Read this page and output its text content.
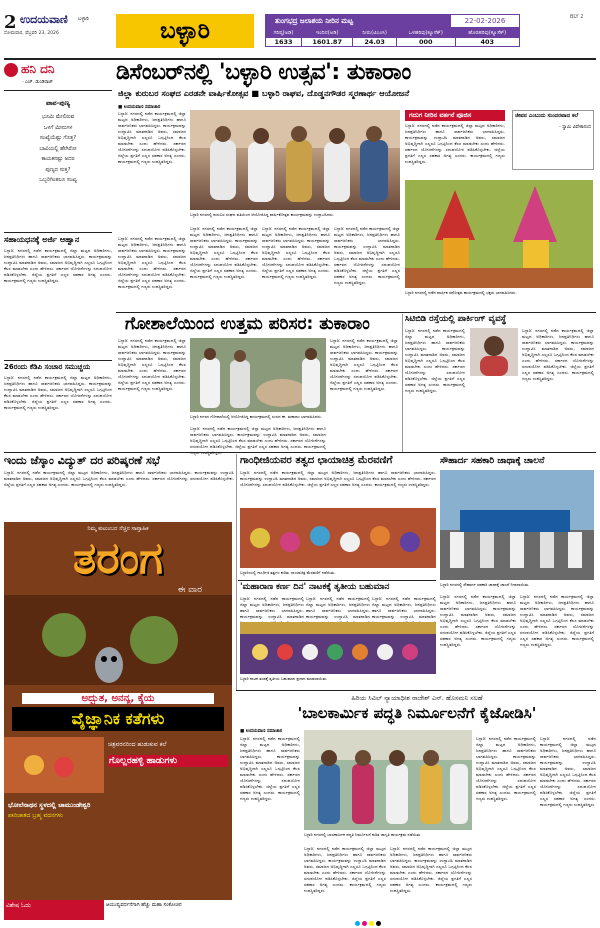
2 ಉದಯವಾಣಿ ಬಳ್ಳಾರಿ
ಸೋಮವಾರ, ಫೆಬ್ರವರಿ 23, 2026	ಬಳ್ಳಾರಿ	ತುಂಗಭದ್ರ ಜಲಾಶಯ ನೀರಿನ ಮಟ್ಟ	22-02-2026
ಗರಿಷ್ಠ(ಅಡಿ)	ಇಂದಿನ(ಅಡಿ)	ನೀರು(ಟಿಎಂಸಿ)	ಒಳಹರಿವು(ಕ್ಯೂಸೆಕ್)	ಹೊರಹರಿವು(ಕ್ಯೂಸೆಕ್)
1633	1601.87	24.03	000	403
BLY 2
ಹನಿ ದನಿ
- ಎಚ್. ಡುಂಡಿರಾಜ್
ಪಾಪ-ಪುಣ್ಯ
ಭೂಮಿ ಮೇಲಿರುವ
ಒಳಗೆ ಮೀನುಗಳ
ಸಂಖ್ಯೆಯೆಷ್ಟು ಗೊತ್ತ?
ಬಾವಿಯಲ್ಲಿ ಹೇಗಿರೋ
ಕಾಯಕನಷ್ಟು ಅದರ
ಪುಣ್ಯದ ಸುತ್ತ?
ಒಬ್ಬರಿಗಿಂತಲೂ ಸಂಖ್ಯ
ಸಹಾಯಧನಕ್ಕೆ ಅರ್ಜಿ ಆಹ್ವಾನ
ಬಳ್ಳಾರಿ: ನಗರದಲ್ಲಿ ನಡೆದ ಕಾರ್ಯಕ್ರಮದಲ್ಲಿ ಜಿಲ್ಲಾ ಮಟ್ಟದ ಅಧಿಕಾರಿಗಳು, ಜನಪ್ರತಿನಿಧಿಗಳು ಹಾಗೂ ಸಾರ್ವಜನಿಕರು ಭಾಗವಹಿಸಿದ್ದರು. ಕಾರ್ಯಕ್ರಮವನ್ನು ಉದ್ಘಾಟಿಸಿ ಮಾತನಾಡಿದ ಅವರು, ಸಮಾಜದ ಅಭಿವೃದ್ಧಿಗಾಗಿ ಎಲ್ಲರೂ ಒಗ್ಗಟ್ಟಿನಿಂದ ಕೆಲಸ ಮಾಡಬೇಕು ಎಂದು ಹೇಳಿದರು. ಸರ್ಕಾರದ ಯೋಜನೆಗಳನ್ನು ಸದುಪಯೋಗ ಪಡಿಸಿಕೊಳ್ಳಬೇಕು. ಜಿಲ್ಲೆಯ ಪ್ರಗತಿಗೆ ಎಲ್ಲರ ಸಹಕಾರ ಅಗತ್ಯ ಎಂದರು. ಕಾರ್ಯಕ್ರಮದಲ್ಲಿ ಗಣ್ಯರು ಉಪಸ್ಥಿತರಿದ್ದರು.
26ರಂದು ಕೆಡಿಪಿ ಸಂಚಾರ ಸಮುಚ್ಚಯ
ಬಳ್ಳಾರಿ: ನಗರದಲ್ಲಿ ನಡೆದ ಕಾರ್ಯಕ್ರಮದಲ್ಲಿ ಜಿಲ್ಲಾ ಮಟ್ಟದ ಅಧಿಕಾರಿಗಳು, ಜನಪ್ರತಿನಿಧಿಗಳು ಹಾಗೂ ಸಾರ್ವಜನಿಕರು ಭಾಗವಹಿಸಿದ್ದರು. ಕಾರ್ಯಕ್ರಮವನ್ನು ಉದ್ಘಾಟಿಸಿ ಮಾತನಾಡಿದ ಅವರು, ಸಮಾಜದ ಅಭಿವೃದ್ಧಿಗಾಗಿ ಎಲ್ಲರೂ ಒಗ್ಗಟ್ಟಿನಿಂದ ಕೆಲಸ ಮಾಡಬೇಕು ಎಂದು ಹೇಳಿದರು. ಸರ್ಕಾರದ ಯೋಜನೆಗಳನ್ನು ಸದುಪಯೋಗ ಪಡಿಸಿಕೊಳ್ಳಬೇಕು. ಜಿಲ್ಲೆಯ ಪ್ರಗತಿಗೆ ಎಲ್ಲರ ಸಹಕಾರ ಅಗತ್ಯ ಎಂದರು. ಕಾರ್ಯಕ್ರಮದಲ್ಲಿ ಗಣ್ಯರು ಉಪಸ್ಥಿತರಿದ್ದರು.
ಡಿಸೆಂಬರ್‌ನಲ್ಲಿ 'ಬಳ್ಳಾರಿ ಉತ್ಸವ': ತುಕಾರಾಂ
ಜಿಲ್ಲಾ ಕುರುಬರ ಸಂಘದ ಎರಡನೇ ವಾರ್ಷಿಕೋತ್ಸವ ■ ಬಳ್ಳಾರಿ ರಾಘವ, ದೊಡ್ಡನಗೌಡರ ಸ್ಮರಣಾರ್ಥ ಆಯೋಜನೆ
■ ಉದಯವಾಣಿ ಸಮಾಚಾರ
ಬಳ್ಳಾರಿ: ನಗರದಲ್ಲಿ ನಡೆದ ಕಾರ್ಯಕ್ರಮದಲ್ಲಿ ಜಿಲ್ಲಾ ಮಟ್ಟದ ಅಧಿಕಾರಿಗಳು, ಜನಪ್ರತಿನಿಧಿಗಳು ಹಾಗೂ ಸಾರ್ವಜನಿಕರು ಭಾಗವಹಿಸಿದ್ದರು. ಕಾರ್ಯಕ್ರಮವನ್ನು ಉದ್ಘಾಟಿಸಿ ಮಾತನಾಡಿದ ಅವರು, ಸಮಾಜದ ಅಭಿವೃದ್ಧಿಗಾಗಿ ಎಲ್ಲರೂ ಒಗ್ಗಟ್ಟಿನಿಂದ ಕೆಲಸ ಮಾಡಬೇಕು ಎಂದು ಹೇಳಿದರು. ಸರ್ಕಾರದ ಯೋಜನೆಗಳನ್ನು ಸದುಪಯೋಗ ಪಡಿಸಿಕೊಳ್ಳಬೇಕು. ಜಿಲ್ಲೆಯ ಪ್ರಗತಿಗೆ ಎಲ್ಲರ ಸಹಕಾರ ಅಗತ್ಯ ಎಂದರು. ಕಾರ್ಯಕ್ರಮದಲ್ಲಿ ಗಣ್ಯರು ಉಪಸ್ಥಿತರಿದ್ದರು.
ಬಳ್ಳಾರಿ ನಗರದಲ್ಲಿ ಕುರುಬರ ಸಂಘದ ವತಿಯಿಂದ ಆಯೋಜಿಸಿದ್ದ ವಾರ್ಷಿಕೋತ್ಸವ ಕಾರ್ಯಕ್ರಮವನ್ನು ಉದ್ಘಾಟಿಸಿದರು.
ಬಳ್ಳಾರಿ: ನಗರದಲ್ಲಿ ನಡೆದ ಕಾರ್ಯಕ್ರಮದಲ್ಲಿ ಜಿಲ್ಲಾ ಮಟ್ಟದ ಅಧಿಕಾರಿಗಳು, ಜನಪ್ರತಿನಿಧಿಗಳು ಹಾಗೂ ಸಾರ್ವಜನಿಕರು ಭಾಗವಹಿಸಿದ್ದರು. ಕಾರ್ಯಕ್ರಮವನ್ನು ಉದ್ಘಾಟಿಸಿ ಮಾತನಾಡಿದ ಅವರು, ಸಮಾಜದ ಅಭಿವೃದ್ಧಿಗಾಗಿ ಎಲ್ಲರೂ ಒಗ್ಗಟ್ಟಿನಿಂದ ಕೆಲಸ ಮಾಡಬೇಕು ಎಂದು ಹೇಳಿದರು. ಸರ್ಕಾರದ ಯೋಜನೆಗಳನ್ನು ಸದುಪಯೋಗ ಪಡಿಸಿಕೊಳ್ಳಬೇಕು. ಜಿಲ್ಲೆಯ ಪ್ರಗತಿಗೆ ಎಲ್ಲರ ಸಹಕಾರ ಅಗತ್ಯ ಎಂದರು. ಕಾರ್ಯಕ್ರಮದಲ್ಲಿ ಗಣ್ಯರು ಉಪಸ್ಥಿತರಿದ್ದರು.
ಬಳ್ಳಾರಿ: ನಗರದಲ್ಲಿ ನಡೆದ ಕಾರ್ಯಕ್ರಮದಲ್ಲಿ ಜಿಲ್ಲಾ ಮಟ್ಟದ ಅಧಿಕಾರಿಗಳು, ಜನಪ್ರತಿನಿಧಿಗಳು ಹಾಗೂ ಸಾರ್ವಜನಿಕರು ಭಾಗವಹಿಸಿದ್ದರು. ಕಾರ್ಯಕ್ರಮವನ್ನು ಉದ್ಘಾಟಿಸಿ ಮಾತನಾಡಿದ ಅವರು, ಸಮಾಜದ ಅಭಿವೃದ್ಧಿಗಾಗಿ ಎಲ್ಲರೂ ಒಗ್ಗಟ್ಟಿನಿಂದ ಕೆಲಸ ಮಾಡಬೇಕು ಎಂದು ಹೇಳಿದರು. ಸರ್ಕಾರದ ಯೋಜನೆಗಳನ್ನು ಸದುಪಯೋಗ ಪಡಿಸಿಕೊಳ್ಳಬೇಕು. ಜಿಲ್ಲೆಯ ಪ್ರಗತಿಗೆ ಎಲ್ಲರ ಸಹಕಾರ ಅಗತ್ಯ ಎಂದರು. ಕಾರ್ಯಕ್ರಮದಲ್ಲಿ ಗಣ್ಯರು ಉಪಸ್ಥಿತರಿದ್ದರು.
ಬಳ್ಳಾರಿ: ನಗರದಲ್ಲಿ ನಡೆದ ಕಾರ್ಯಕ್ರಮದಲ್ಲಿ ಜಿಲ್ಲಾ ಮಟ್ಟದ ಅಧಿಕಾರಿಗಳು, ಜನಪ್ರತಿನಿಧಿಗಳು ಹಾಗೂ ಸಾರ್ವಜನಿಕರು ಭಾಗವಹಿಸಿದ್ದರು. ಕಾರ್ಯಕ್ರಮವನ್ನು ಉದ್ಘಾಟಿಸಿ ಮಾತನಾಡಿದ ಅವರು, ಸಮಾಜದ ಅಭಿವೃದ್ಧಿಗಾಗಿ ಎಲ್ಲರೂ ಒಗ್ಗಟ್ಟಿನಿಂದ ಕೆಲಸ ಮಾಡಬೇಕು ಎಂದು ಹೇಳಿದರು. ಸರ್ಕಾರದ ಯೋಜನೆಗಳನ್ನು ಸದುಪಯೋಗ ಪಡಿಸಿಕೊಳ್ಳಬೇಕು. ಜಿಲ್ಲೆಯ ಪ್ರಗತಿಗೆ ಎಲ್ಲರ ಸಹಕಾರ ಅಗತ್ಯ ಎಂದರು. ಕಾರ್ಯಕ್ರಮದಲ್ಲಿ ಗಣ್ಯರು ಉಪಸ್ಥಿತರಿದ್ದರು.
ಬಳ್ಳಾರಿ: ನಗರದಲ್ಲಿ ನಡೆದ ಕಾರ್ಯಕ್ರಮದಲ್ಲಿ ಜಿಲ್ಲಾ ಮಟ್ಟದ ಅಧಿಕಾರಿಗಳು, ಜನಪ್ರತಿನಿಧಿಗಳು ಹಾಗೂ ಸಾರ್ವಜನಿಕರು ಭಾಗವಹಿಸಿದ್ದರು. ಕಾರ್ಯಕ್ರಮವನ್ನು ಉದ್ಘಾಟಿಸಿ ಮಾತನಾಡಿದ ಅವರು, ಸಮಾಜದ ಅಭಿವೃದ್ಧಿಗಾಗಿ ಎಲ್ಲರೂ ಒಗ್ಗಟ್ಟಿನಿಂದ ಕೆಲಸ ಮಾಡಬೇಕು ಎಂದು ಹೇಳಿದರು. ಸರ್ಕಾರದ ಯೋಜನೆಗಳನ್ನು ಸದುಪಯೋಗ ಪಡಿಸಿಕೊಳ್ಳಬೇಕು. ಜಿಲ್ಲೆಯ ಪ್ರಗತಿಗೆ ಎಲ್ಲರ ಸಹಕಾರ ಅಗತ್ಯ ಎಂದರು. ಕಾರ್ಯಕ್ರಮದಲ್ಲಿ ಗಣ್ಯರು ಉಪಸ್ಥಿತರಿದ್ದರು.
ಗದುಗ ನೀರಿನ ವರ್ತನೆ ಪೂಜಿಸ
ಬಳ್ಳಾರಿ: ನಗರದಲ್ಲಿ ನಡೆದ ಕಾರ್ಯಕ್ರಮದಲ್ಲಿ ಜಿಲ್ಲಾ ಮಟ್ಟದ ಅಧಿಕಾರಿಗಳು, ಜನಪ್ರತಿನಿಧಿಗಳು ಹಾಗೂ ಸಾರ್ವಜನಿಕರು ಭಾಗವಹಿಸಿದ್ದರು. ಕಾರ್ಯಕ್ರಮವನ್ನು ಉದ್ಘಾಟಿಸಿ ಮಾತನಾಡಿದ ಅವರು, ಸಮಾಜದ ಅಭಿವೃದ್ಧಿಗಾಗಿ ಎಲ್ಲರೂ ಒಗ್ಗಟ್ಟಿನಿಂದ ಕೆಲಸ ಮಾಡಬೇಕು ಎಂದು ಹೇಳಿದರು. ಸರ್ಕಾರದ ಯೋಜನೆಗಳನ್ನು ಸದುಪಯೋಗ ಪಡಿಸಿಕೊಳ್ಳಬೇಕು. ಜಿಲ್ಲೆಯ ಪ್ರಗತಿಗೆ ಎಲ್ಲರ ಸಹಕಾರ ಅಗತ್ಯ ಎಂದರು. ಕಾರ್ಯಕ್ರಮದಲ್ಲಿ ಗಣ್ಯರು ಉಪಸ್ಥಿತರಿದ್ದರು.
ಜೀವನ ಎಂಬುದು ಸುಂದರವಾದ ಕಲೆ
- ಸ್ವಾಮಿ ವಿವೇಕಾನಂದ
ಬಳ್ಳಾರಿ ನಗರದಲ್ಲಿ ನಡೆದ ವಾರ್ಷಿಕ ರಥೋತ್ಸವ ಕಾರ್ಯಕ್ರಮದಲ್ಲಿ ಭಕ್ತರು ಭಾಗವಹಿಸಿದರು.
ಗೋಶಾಲೆಯಿಂದ ಉತ್ತಮ ಪರಿಸರ: ತುಕಾರಾಂ
ಬಳ್ಳಾರಿ: ನಗರದಲ್ಲಿ ನಡೆದ ಕಾರ್ಯಕ್ರಮದಲ್ಲಿ ಜಿಲ್ಲಾ ಮಟ್ಟದ ಅಧಿಕಾರಿಗಳು, ಜನಪ್ರತಿನಿಧಿಗಳು ಹಾಗೂ ಸಾರ್ವಜನಿಕರು ಭಾಗವಹಿಸಿದ್ದರು. ಕಾರ್ಯಕ್ರಮವನ್ನು ಉದ್ಘಾಟಿಸಿ ಮಾತನಾಡಿದ ಅವರು, ಸಮಾಜದ ಅಭಿವೃದ್ಧಿಗಾಗಿ ಎಲ್ಲರೂ ಒಗ್ಗಟ್ಟಿನಿಂದ ಕೆಲಸ ಮಾಡಬೇಕು ಎಂದು ಹೇಳಿದರು. ಸರ್ಕಾರದ ಯೋಜನೆಗಳನ್ನು ಸದುಪಯೋಗ ಪಡಿಸಿಕೊಳ್ಳಬೇಕು. ಜಿಲ್ಲೆಯ ಪ್ರಗತಿಗೆ ಎಲ್ಲರ ಸಹಕಾರ ಅಗತ್ಯ ಎಂದರು. ಕಾರ್ಯಕ್ರಮದಲ್ಲಿ ಗಣ್ಯರು ಉಪಸ್ಥಿತರಿದ್ದರು.
ಬಳ್ಳಾರಿ ನಗರದ ಗೋಶಾಲೆಯಲ್ಲಿ ಆಯೋಜಿಸಿದ್ದ ಕಾರ್ಯಕ್ರಮದಲ್ಲಿ ಸಂಸದ ಈ. ತುಕಾರಾಂ ಭಾಗವಹಿಸಿದರು.
ಬಳ್ಳಾರಿ: ನಗರದಲ್ಲಿ ನಡೆದ ಕಾರ್ಯಕ್ರಮದಲ್ಲಿ ಜಿಲ್ಲಾ ಮಟ್ಟದ ಅಧಿಕಾರಿಗಳು, ಜನಪ್ರತಿನಿಧಿಗಳು ಹಾಗೂ ಸಾರ್ವಜನಿಕರು ಭಾಗವಹಿಸಿದ್ದರು. ಕಾರ್ಯಕ್ರಮವನ್ನು ಉದ್ಘಾಟಿಸಿ ಮಾತನಾಡಿದ ಅವರು, ಸಮಾಜದ ಅಭಿವೃದ್ಧಿಗಾಗಿ ಎಲ್ಲರೂ ಒಗ್ಗಟ್ಟಿನಿಂದ ಕೆಲಸ ಮಾಡಬೇಕು ಎಂದು ಹೇಳಿದರು. ಸರ್ಕಾರದ ಯೋಜನೆಗಳನ್ನು ಸದುಪಯೋಗ ಪಡಿಸಿಕೊಳ್ಳಬೇಕು. ಜಿಲ್ಲೆಯ ಪ್ರಗತಿಗೆ ಎಲ್ಲರ ಸಹಕಾರ ಅಗತ್ಯ ಎಂದರು. ಕಾರ್ಯಕ್ರಮದಲ್ಲಿ ಗಣ್ಯರು ಉಪಸ್ಥಿತರಿದ್ದರು.
ಬಳ್ಳಾರಿ: ನಗರದಲ್ಲಿ ನಡೆದ ಕಾರ್ಯಕ್ರಮದಲ್ಲಿ ಜಿಲ್ಲಾ ಮಟ್ಟದ ಅಧಿಕಾರಿಗಳು, ಜನಪ್ರತಿನಿಧಿಗಳು ಹಾಗೂ ಸಾರ್ವಜನಿಕರು ಭಾಗವಹಿಸಿದ್ದರು. ಕಾರ್ಯಕ್ರಮವನ್ನು ಉದ್ಘಾಟಿಸಿ ಮಾತನಾಡಿದ ಅವರು, ಸಮಾಜದ ಅಭಿವೃದ್ಧಿಗಾಗಿ ಎಲ್ಲರೂ ಒಗ್ಗಟ್ಟಿನಿಂದ ಕೆಲಸ ಮಾಡಬೇಕು ಎಂದು ಹೇಳಿದರು. ಸರ್ಕಾರದ ಯೋಜನೆಗಳನ್ನು ಸದುಪಯೋಗ ಪಡಿಸಿಕೊಳ್ಳಬೇಕು. ಜಿಲ್ಲೆಯ ಪ್ರಗತಿಗೆ ಎಲ್ಲರ ಸಹಕಾರ ಅಗತ್ಯ ಎಂದರು. ಕಾರ್ಯಕ್ರಮದಲ್ಲಿ
ಸಿಟಿಬಿಡಿ ರಸ್ತೆಯಲ್ಲಿ ಪಾರ್ಕಿಂಗ್ ವ್ಯವಸ್ಥೆ
ಬಳ್ಳಾರಿ: ನಗರದಲ್ಲಿ ನಡೆದ ಕಾರ್ಯಕ್ರಮದಲ್ಲಿ ಜಿಲ್ಲಾ ಮಟ್ಟದ ಅಧಿಕಾರಿಗಳು, ಜನಪ್ರತಿನಿಧಿಗಳು ಹಾಗೂ ಸಾರ್ವಜನಿಕರು ಭಾಗವಹಿಸಿದ್ದರು. ಕಾರ್ಯಕ್ರಮವನ್ನು ಉದ್ಘಾಟಿಸಿ ಮಾತನಾಡಿದ ಅವರು, ಸಮಾಜದ ಅಭಿವೃದ್ಧಿಗಾಗಿ ಎಲ್ಲರೂ ಒಗ್ಗಟ್ಟಿನಿಂದ ಕೆಲಸ ಮಾಡಬೇಕು ಎಂದು ಹೇಳಿದರು. ಸರ್ಕಾರದ ಯೋಜನೆಗಳನ್ನು ಸದುಪಯೋಗ ಪಡಿಸಿಕೊಳ್ಳಬೇಕು. ಜಿಲ್ಲೆಯ ಪ್ರಗತಿಗೆ ಎಲ್ಲರ ಸಹಕಾರ ಅಗತ್ಯ ಎಂದರು. ಕಾರ್ಯಕ್ರಮದಲ್ಲಿ ಗಣ್ಯರು ಉಪಸ್ಥಿತರಿದ್ದರು.
ಬಳ್ಳಾರಿ: ನಗರದಲ್ಲಿ ನಡೆದ ಕಾರ್ಯಕ್ರಮದಲ್ಲಿ ಜಿಲ್ಲಾ ಮಟ್ಟದ ಅಧಿಕಾರಿಗಳು, ಜನಪ್ರತಿನಿಧಿಗಳು ಹಾಗೂ ಸಾರ್ವಜನಿಕರು ಭಾಗವಹಿಸಿದ್ದರು. ಕಾರ್ಯಕ್ರಮವನ್ನು ಉದ್ಘಾಟಿಸಿ ಮಾತನಾಡಿದ ಅವರು, ಸಮಾಜದ ಅಭಿವೃದ್ಧಿಗಾಗಿ ಎಲ್ಲರೂ ಒಗ್ಗಟ್ಟಿನಿಂದ ಕೆಲಸ ಮಾಡಬೇಕು ಎಂದು ಹೇಳಿದರು. ಸರ್ಕಾರದ ಯೋಜನೆಗಳನ್ನು ಸದುಪಯೋಗ ಪಡಿಸಿಕೊಳ್ಳಬೇಕು. ಜಿಲ್ಲೆಯ ಪ್ರಗತಿಗೆ ಎಲ್ಲರ ಸಹಕಾರ ಅಗತ್ಯ ಎಂದರು. ಕಾರ್ಯಕ್ರಮದಲ್ಲಿ ಗಣ್ಯರು ಉಪಸ್ಥಿತರಿದ್ದರು.
ಇಂದು ಜೆಸ್ಕಾಂ ವಿದ್ಯುತ್ ದರ ಪರಿಷ್ಕರಣೆ ಸಭೆ
ಬಳ್ಳಾರಿ: ನಗರದಲ್ಲಿ ನಡೆದ ಕಾರ್ಯಕ್ರಮದಲ್ಲಿ ಜಿಲ್ಲಾ ಮಟ್ಟದ ಅಧಿಕಾರಿಗಳು, ಜನಪ್ರತಿನಿಧಿಗಳು ಹಾಗೂ ಸಾರ್ವಜನಿಕರು ಭಾಗವಹಿಸಿದ್ದರು. ಕಾರ್ಯಕ್ರಮವನ್ನು ಉದ್ಘಾಟಿಸಿ ಮಾತನಾಡಿದ ಅವರು, ಸಮಾಜದ ಅಭಿವೃದ್ಧಿಗಾಗಿ ಎಲ್ಲರೂ ಒಗ್ಗಟ್ಟಿನಿಂದ ಕೆಲಸ ಮಾಡಬೇಕು ಎಂದು ಹೇಳಿದರು. ಸರ್ಕಾರದ ಯೋಜನೆಗಳನ್ನು ಸದುಪಯೋಗ ಪಡಿಸಿಕೊಳ್ಳಬೇಕು. ಜಿಲ್ಲೆಯ ಪ್ರಗತಿಗೆ ಎಲ್ಲರ ಸಹಕಾರ ಅಗತ್ಯ ಎಂದರು. ಕಾರ್ಯಕ್ರಮದಲ್ಲಿ ಗಣ್ಯರು ಉಪಸ್ಥಿತರಿದ್ದರು.
ನಿಮ್ಮ ಕುಟುಂಬದ ನೆಚ್ಚಿನ ಸಾಪ್ತಾಹಿಕ
ತರಂಗ
ಈ ವಾರ
ಅದ್ಭುತ, ಅನನ್ಯ, ಕೈಯ
ವೈಜ್ಞಾನಿಕ ಕತೆಗಳು
ಚಿತ್ರವರನರಿಂದ ಹುಡುಕುವ ಕಲೆ
ಗೊಲ್ಲರಹಳ್ಳಿ ಹಾಡುಗಳು
ಭೋಲೆನಾಥನ ಸ್ಥಳದಲ್ಲಿ ಚಾಮುಂಡೇಶ್ವರಿ
ಪಾರಿಜಾತದ ಬ್ರಹ್ಮ ವದನಗಳು
ವಿಶೇಷ ಓದು	ಆಯುಷ್ಯವರ್ಧನೆಗಾಗಿ ಹೆಚ್ಚು ಮಹಾ ಸಂಕೋಚನ
ಗಾಂಧೀಜಿಯವರ ತತ್ವದ ಛಾಯಾಚಿತ್ರ ಮೆರವಣಿಗೆ
ಬಳ್ಳಾರಿ: ನಗರದಲ್ಲಿ ನಡೆದ ಕಾರ್ಯಕ್ರಮದಲ್ಲಿ ಜಿಲ್ಲಾ ಮಟ್ಟದ ಅಧಿಕಾರಿಗಳು, ಜನಪ್ರತಿನಿಧಿಗಳು ಹಾಗೂ ಸಾರ್ವಜನಿಕರು ಭಾಗವಹಿಸಿದ್ದರು. ಕಾರ್ಯಕ್ರಮವನ್ನು ಉದ್ಘಾಟಿಸಿ ಮಾತನಾಡಿದ ಅವರು, ಸಮಾಜದ ಅಭಿವೃದ್ಧಿಗಾಗಿ ಎಲ್ಲರೂ ಒಗ್ಗಟ್ಟಿನಿಂದ ಕೆಲಸ ಮಾಡಬೇಕು ಎಂದು ಹೇಳಿದರು. ಸರ್ಕಾರದ ಯೋಜನೆಗಳನ್ನು ಸದುಪಯೋಗ ಪಡಿಸಿಕೊಳ್ಳಬೇಕು. ಜಿಲ್ಲೆಯ ಪ್ರಗತಿಗೆ ಎಲ್ಲರ ಸಹಕಾರ ಅಗತ್ಯ ಎಂದರು. ಕಾರ್ಯಕ್ರಮದಲ್ಲಿ ಗಣ್ಯರು ಉಪಸ್ಥಿತರಿದ್ದರು.
ಬಳ್ಳಾರಿಯಲ್ಲಿ ಗಾಂಧೀಜಿ ತತ್ವಗಳ ಕುರಿತು ಛಾಯಾಚಿತ್ರ ಮೆರವಣಿಗೆ ನಡೆಯಿತು.
ಸೌಹಾರ್ದ ಸಹಕಾರಿ ಜಾಥಾಕ್ಕೆ ಚಾಲನೆ
ಬಳ್ಳಾರಿ ನಗರದಲ್ಲಿ ಸೌಹಾರ್ದ ಸಹಕಾರಿ ಜಾಥಾಕ್ಕೆ ಚಾಲನೆ ನೀಡಲಾಯಿತು.
ಬಳ್ಳಾರಿ: ನಗರದಲ್ಲಿ ನಡೆದ ಕಾರ್ಯಕ್ರಮದಲ್ಲಿ ಜಿಲ್ಲಾ ಮಟ್ಟದ ಅಧಿಕಾರಿಗಳು, ಜನಪ್ರತಿನಿಧಿಗಳು ಹಾಗೂ ಸಾರ್ವಜನಿಕರು ಭಾಗವಹಿಸಿದ್ದರು. ಕಾರ್ಯಕ್ರಮವನ್ನು ಉದ್ಘಾಟಿಸಿ ಮಾತನಾಡಿದ ಅವರು, ಸಮಾಜದ ಅಭಿವೃದ್ಧಿಗಾಗಿ ಎಲ್ಲರೂ ಒಗ್ಗಟ್ಟಿನಿಂದ ಕೆಲಸ ಮಾಡಬೇಕು ಎಂದು ಹೇಳಿದರು. ಸರ್ಕಾರದ ಯೋಜನೆಗಳನ್ನು ಸದುಪಯೋಗ ಪಡಿಸಿಕೊಳ್ಳಬೇಕು. ಜಿಲ್ಲೆಯ ಪ್ರಗತಿಗೆ ಎಲ್ಲರ ಸಹಕಾರ ಅಗತ್ಯ ಎಂದರು. ಕಾರ್ಯಕ್ರಮದಲ್ಲಿ ಗಣ್ಯರು ಉಪಸ್ಥಿತರಿದ್ದರು.
ಬಳ್ಳಾರಿ: ನಗರದಲ್ಲಿ ನಡೆದ ಕಾರ್ಯಕ್ರಮದಲ್ಲಿ ಜಿಲ್ಲಾ ಮಟ್ಟದ ಅಧಿಕಾರಿಗಳು, ಜನಪ್ರತಿನಿಧಿಗಳು ಹಾಗೂ ಸಾರ್ವಜನಿಕರು ಭಾಗವಹಿಸಿದ್ದರು. ಕಾರ್ಯಕ್ರಮವನ್ನು ಉದ್ಘಾಟಿಸಿ ಮಾತನಾಡಿದ ಅವರು, ಸಮಾಜದ ಅಭಿವೃದ್ಧಿಗಾಗಿ ಎಲ್ಲರೂ ಒಗ್ಗಟ್ಟಿನಿಂದ ಕೆಲಸ ಮಾಡಬೇಕು ಎಂದು ಹೇಳಿದರು. ಸರ್ಕಾರದ ಯೋಜನೆಗಳನ್ನು ಸದುಪಯೋಗ ಪಡಿಸಿಕೊಳ್ಳಬೇಕು. ಜಿಲ್ಲೆಯ ಪ್ರಗತಿಗೆ ಎಲ್ಲರ ಸಹಕಾರ ಅಗತ್ಯ ಎಂದರು. ಕಾರ್ಯಕ್ರಮದಲ್ಲಿ ಗಣ್ಯರು ಉಪಸ್ಥಿತರಿದ್ದರು.
'ಮಹಾರಾಣ ಕರ್ಣ ದಿನ' ನಾಟಕಕ್ಕೆ ತೃತೀಯ ಬಹುಮಾನ
ಬಳ್ಳಾರಿ: ನಗರದಲ್ಲಿ ನಡೆದ ಕಾರ್ಯಕ್ರಮದಲ್ಲಿ ಜಿಲ್ಲಾ ಮಟ್ಟದ ಅಧಿಕಾರಿಗಳು, ಜನಪ್ರತಿನಿಧಿಗಳು ಹಾಗೂ ಸಾರ್ವಜನಿಕರು ಭಾಗವಹಿಸಿದ್ದರು. ಕಾರ್ಯಕ್ರಮವನ್ನು ಉದ್ಘಾಟಿಸಿ ಮಾತನಾಡಿದ
ಬಳ್ಳಾರಿ: ನಗರದಲ್ಲಿ ನಡೆದ ಕಾರ್ಯಕ್ರಮದಲ್ಲಿ ಜಿಲ್ಲಾ ಮಟ್ಟದ ಅಧಿಕಾರಿಗಳು, ಜನಪ್ರತಿನಿಧಿಗಳು ಹಾಗೂ ಸಾರ್ವಜನಿಕರು ಭಾಗವಹಿಸಿದ್ದರು. ಕಾರ್ಯಕ್ರಮವನ್ನು ಉದ್ಘಾಟಿಸಿ ಮಾತನಾಡಿದ
ಬಳ್ಳಾರಿ: ನಗರದಲ್ಲಿ ನಡೆದ ಕಾರ್ಯಕ್ರಮದಲ್ಲಿ ಜಿಲ್ಲಾ ಮಟ್ಟದ ಅಧಿಕಾರಿಗಳು, ಜನಪ್ರತಿನಿಧಿಗಳು ಹಾಗೂ ಸಾರ್ವಜನಿಕರು ಭಾಗವಹಿಸಿದ್ದರು. ಕಾರ್ಯಕ್ರಮವನ್ನು ಉದ್ಘಾಟಿಸಿ ಮಾತನಾಡಿದ
ಬಳ್ಳಾರಿ ನಾಟಕ ತಂಡಕ್ಕೆ ತೃತೀಯ ಬಹುಮಾನ ಪ್ರದಾನ ಮಾಡಲಾಯಿತು.
ಹಿರಿಯ ಸಿವಿಲ್ ನ್ಯಾಯಾಧೀಶ ರಾಜೇಶ್ ಎನ್. ಹೊಸಮನಿ ಸಲಹೆ
'ಬಾಲಕಾರ್ಮಿಕ ಪದ್ಧತಿ ನಿರ್ಮೂಲನೆಗೆ ಕೈಜೋಡಿಸಿ'
■ ಉದಯವಾಣಿ ಸಮಾಚಾರ
ಬಳ್ಳಾರಿ: ನಗರದಲ್ಲಿ ನಡೆದ ಕಾರ್ಯಕ್ರಮದಲ್ಲಿ ಜಿಲ್ಲಾ ಮಟ್ಟದ ಅಧಿಕಾರಿಗಳು, ಜನಪ್ರತಿನಿಧಿಗಳು ಹಾಗೂ ಸಾರ್ವಜನಿಕರು ಭಾಗವಹಿಸಿದ್ದರು. ಕಾರ್ಯಕ್ರಮವನ್ನು ಉದ್ಘಾಟಿಸಿ ಮಾತನಾಡಿದ ಅವರು, ಸಮಾಜದ ಅಭಿವೃದ್ಧಿಗಾಗಿ ಎಲ್ಲರೂ ಒಗ್ಗಟ್ಟಿನಿಂದ ಕೆಲಸ ಮಾಡಬೇಕು ಎಂದು ಹೇಳಿದರು. ಸರ್ಕಾರದ ಯೋಜನೆಗಳನ್ನು ಸದುಪಯೋಗ ಪಡಿಸಿಕೊಳ್ಳಬೇಕು. ಜಿಲ್ಲೆಯ ಪ್ರಗತಿಗೆ ಎಲ್ಲರ ಸಹಕಾರ ಅಗತ್ಯ ಎಂದರು. ಕಾರ್ಯಕ್ರಮದಲ್ಲಿ ಗಣ್ಯರು ಉಪಸ್ಥಿತರಿದ್ದರು.
ಬಳ್ಳಾರಿ ನಗರದಲ್ಲಿ ಬಾಲಕಾರ್ಮಿಕ ಪದ್ಧತಿ ನಿರ್ಮೂಲನೆ ಕುರಿತ ಜಾಗೃತಿ ಕಾರ್ಯಕ್ರಮ ನಡೆಯಿತು.
ಬಳ್ಳಾರಿ: ನಗರದಲ್ಲಿ ನಡೆದ ಕಾರ್ಯಕ್ರಮದಲ್ಲಿ ಜಿಲ್ಲಾ ಮಟ್ಟದ ಅಧಿಕಾರಿಗಳು, ಜನಪ್ರತಿನಿಧಿಗಳು ಹಾಗೂ ಸಾರ್ವಜನಿಕರು ಭಾಗವಹಿಸಿದ್ದರು. ಕಾರ್ಯಕ್ರಮವನ್ನು ಉದ್ಘಾಟಿಸಿ ಮಾತನಾಡಿದ ಅವರು, ಸಮಾಜದ ಅಭಿವೃದ್ಧಿಗಾಗಿ ಎಲ್ಲರೂ ಒಗ್ಗಟ್ಟಿನಿಂದ ಕೆಲಸ ಮಾಡಬೇಕು ಎಂದು ಹೇಳಿದರು. ಸರ್ಕಾರದ ಯೋಜನೆಗಳನ್ನು ಸದುಪಯೋಗ ಪಡಿಸಿಕೊಳ್ಳಬೇಕು. ಜಿಲ್ಲೆಯ ಪ್ರಗತಿಗೆ ಎಲ್ಲರ ಸಹಕಾರ ಅಗತ್ಯ ಎಂದರು. ಕಾರ್ಯಕ್ರಮದಲ್ಲಿ ಗಣ್ಯರು ಉಪಸ್ಥಿತರಿದ್ದರು.
ಬಳ್ಳಾರಿ: ನಗರದಲ್ಲಿ ನಡೆದ ಕಾರ್ಯಕ್ರಮದಲ್ಲಿ ಜಿಲ್ಲಾ ಮಟ್ಟದ ಅಧಿಕಾರಿಗಳು, ಜನಪ್ರತಿನಿಧಿಗಳು ಹಾಗೂ ಸಾರ್ವಜನಿಕರು ಭಾಗವಹಿಸಿದ್ದರು. ಕಾರ್ಯಕ್ರಮವನ್ನು ಉದ್ಘಾಟಿಸಿ ಮಾತನಾಡಿದ ಅವರು, ಸಮಾಜದ ಅಭಿವೃದ್ಧಿಗಾಗಿ ಎಲ್ಲರೂ ಒಗ್ಗಟ್ಟಿನಿಂದ ಕೆಲಸ ಮಾಡಬೇಕು ಎಂದು ಹೇಳಿದರು. ಸರ್ಕಾರದ ಯೋಜನೆಗಳನ್ನು ಸದುಪಯೋಗ ಪಡಿಸಿಕೊಳ್ಳಬೇಕು. ಜಿಲ್ಲೆಯ ಪ್ರಗತಿಗೆ ಎಲ್ಲರ ಸಹಕಾರ ಅಗತ್ಯ ಎಂದರು. ಕಾರ್ಯಕ್ರಮದಲ್ಲಿ ಗಣ್ಯರು ಉಪಸ್ಥಿತರಿದ್ದರು.
ಬಳ್ಳಾರಿ: ನಗರದಲ್ಲಿ ನಡೆದ ಕಾರ್ಯಕ್ರಮದಲ್ಲಿ ಜಿಲ್ಲಾ ಮಟ್ಟದ ಅಧಿಕಾರಿಗಳು, ಜನಪ್ರತಿನಿಧಿಗಳು ಹಾಗೂ ಸಾರ್ವಜನಿಕರು ಭಾಗವಹಿಸಿದ್ದರು. ಕಾರ್ಯಕ್ರಮವನ್ನು ಉದ್ಘಾಟಿಸಿ ಮಾತನಾಡಿದ ಅವರು, ಸಮಾಜದ ಅಭಿವೃದ್ಧಿಗಾಗಿ ಎಲ್ಲರೂ ಒಗ್ಗಟ್ಟಿನಿಂದ ಕೆಲಸ ಮಾಡಬೇಕು ಎಂದು ಹೇಳಿದರು. ಸರ್ಕಾರದ ಯೋಜನೆಗಳನ್ನು ಸದುಪಯೋಗ ಪಡಿಸಿಕೊಳ್ಳಬೇಕು. ಜಿಲ್ಲೆಯ ಪ್ರಗತಿಗೆ ಎಲ್ಲರ ಸಹಕಾರ ಅಗತ್ಯ ಎಂದರು. ಕಾರ್ಯಕ್ರಮದಲ್ಲಿ ಗಣ್ಯರು ಉಪಸ್ಥಿತರಿದ್ದರು.
ಬಳ್ಳಾರಿ: ನಗರದಲ್ಲಿ ನಡೆದ ಕಾರ್ಯಕ್ರಮದಲ್ಲಿ ಜಿಲ್ಲಾ ಮಟ್ಟದ ಅಧಿಕಾರಿಗಳು, ಜನಪ್ರತಿನಿಧಿಗಳು ಹಾಗೂ ಸಾರ್ವಜನಿಕರು ಭಾಗವಹಿಸಿದ್ದರು. ಕಾರ್ಯಕ್ರಮವನ್ನು ಉದ್ಘಾಟಿಸಿ ಮಾತನಾಡಿದ ಅವರು, ಸಮಾಜದ ಅಭಿವೃದ್ಧಿಗಾಗಿ ಎಲ್ಲರೂ ಒಗ್ಗಟ್ಟಿನಿಂದ ಕೆಲಸ ಮಾಡಬೇಕು ಎಂದು ಹೇಳಿದರು. ಸರ್ಕಾರದ ಯೋಜನೆಗಳನ್ನು ಸದುಪಯೋಗ ಪಡಿಸಿಕೊಳ್ಳಬೇಕು. ಜಿಲ್ಲೆಯ ಪ್ರಗತಿಗೆ ಎಲ್ಲರ ಸಹಕಾರ ಅಗತ್ಯ ಎಂದರು. ಕಾರ್ಯಕ್ರಮದಲ್ಲಿ ಗಣ್ಯರು ಉಪಸ್ಥಿತರಿದ್ದರು.
